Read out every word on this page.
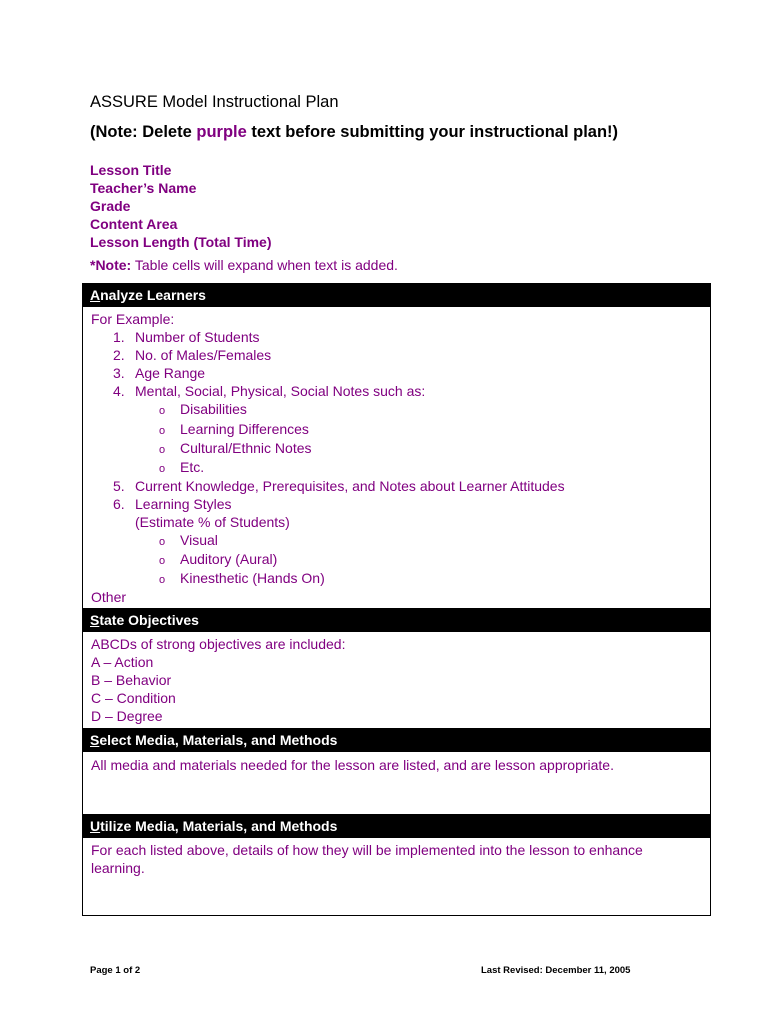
ASSURE Model Instructional Plan
(Note: Delete purple text before submitting your instructional plan!)
Lesson Title
Teacher’s Name
Grade
Content Area
Lesson Length (Total Time)
*Note: Table cells will expand when text is added.
Analyze Learners
For Example:
1. Number of Students
2. No. of Males/Females
3. Age Range
4. Mental, Social, Physical, Social Notes such as:
o Disabilities
o Learning Differences
o Cultural/Ethnic Notes
o Etc.
5. Current Knowledge, Prerequisites, and Notes about Learner Attitudes
6. Learning Styles
(Estimate % of Students)
o Visual
o Auditory (Aural)
o Kinesthetic (Hands On)
Other
State Objectives
ABCDs of strong objectives are included:
A – Action
B – Behavior
C – Condition
D – Degree
Select Media, Materials, and Methods
All media and materials needed for the lesson are listed, and are lesson appropriate.
Utilize Media, Materials, and Methods
For each listed above, details of how they will be implemented into the lesson to enhance
learning.
Page 1 of 2	Last Revised: December 11, 2005
